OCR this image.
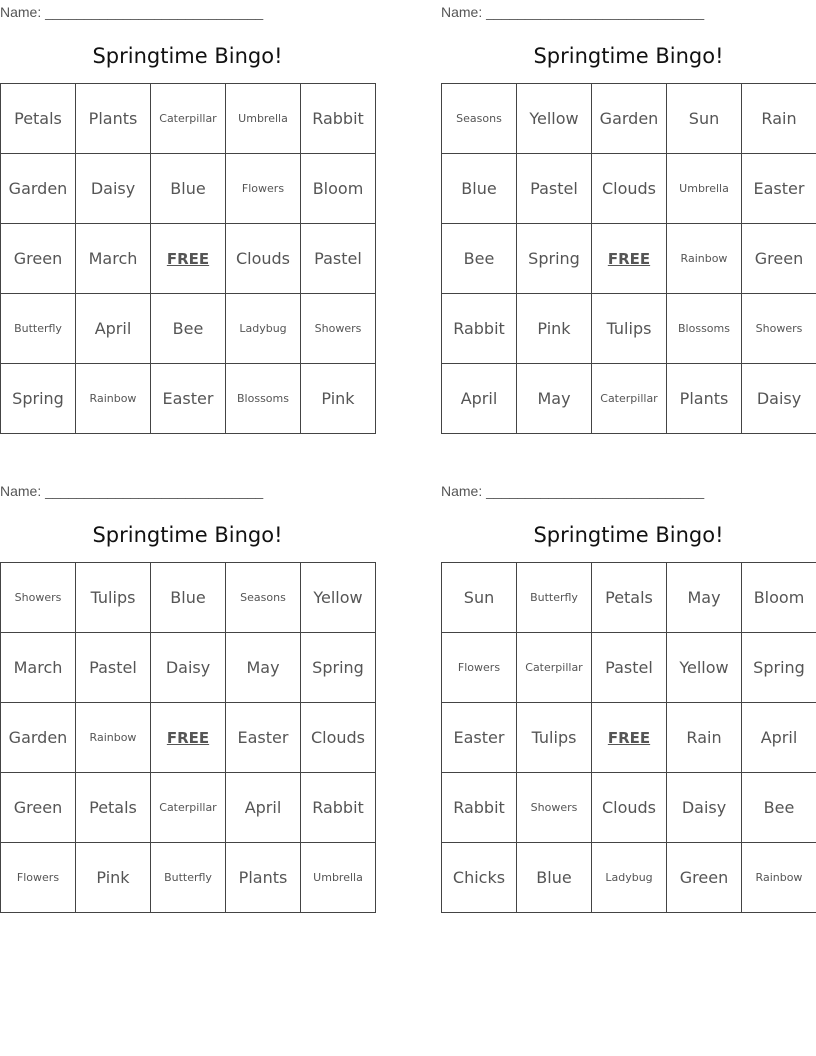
Name: ____________________________
Springtime Bingo!
Petals	Plants	Caterpillar	Umbrella	Rabbit
Garden	Daisy	Blue	Flowers	Bloom
Green	March	FREE	Clouds	Pastel
Butterfly	April	Bee	Ladybug	Showers
Spring	Rainbow	Easter	Blossoms	Pink
Name: ____________________________
Springtime Bingo!
Seasons	Yellow	Garden	Sun	Rain
Blue	Pastel	Clouds	Umbrella	Easter
Bee	Spring	FREE	Rainbow	Green
Rabbit	Pink	Tulips	Blossoms	Showers
April	May	Caterpillar	Plants	Daisy
Name: ____________________________
Springtime Bingo!
Showers	Tulips	Blue	Seasons	Yellow
March	Pastel	Daisy	May	Spring
Garden	Rainbow	FREE	Easter	Clouds
Green	Petals	Caterpillar	April	Rabbit
Flowers	Pink	Butterfly	Plants	Umbrella
Name: ____________________________
Springtime Bingo!
Sun	Butterfly	Petals	May	Bloom
Flowers	Caterpillar	Pastel	Yellow	Spring
Easter	Tulips	FREE	Rain	April
Rabbit	Showers	Clouds	Daisy	Bee
Chicks	Blue	Ladybug	Green	Rainbow
